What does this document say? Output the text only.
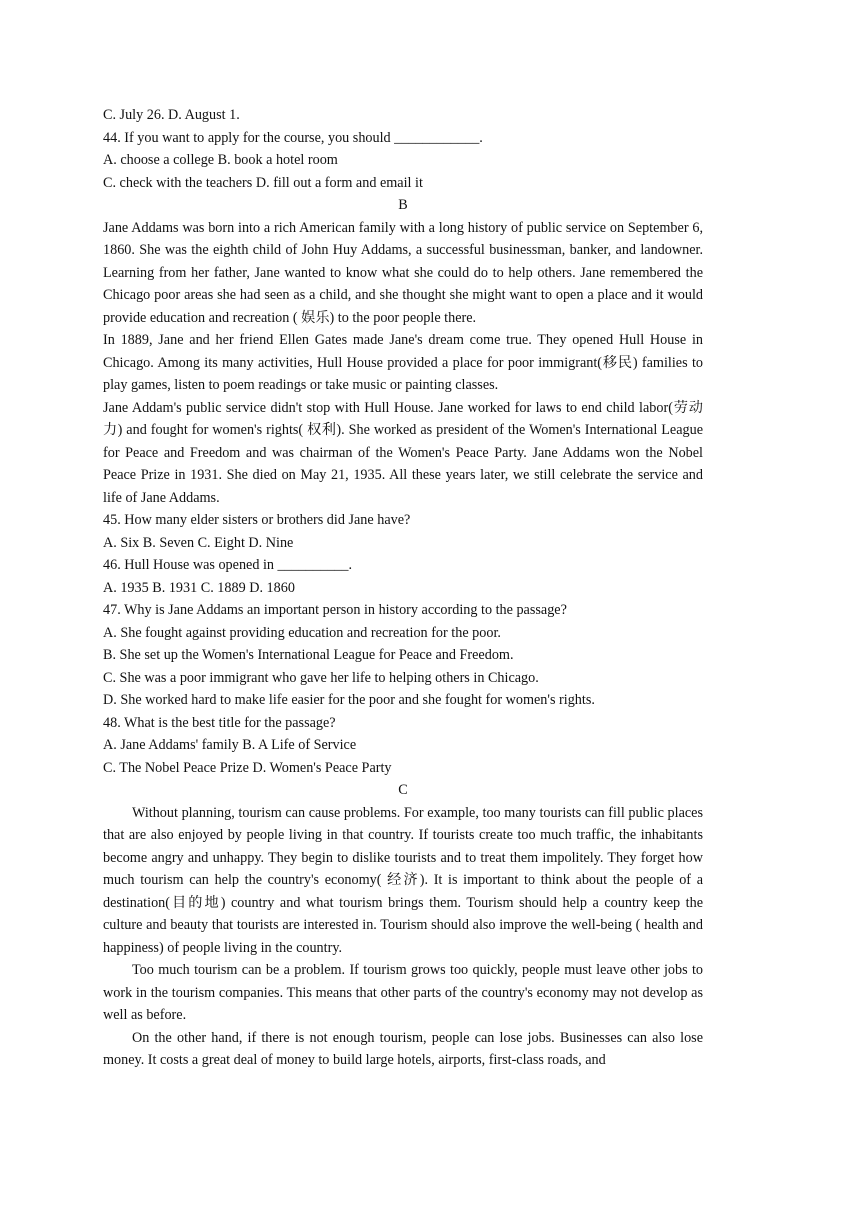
C. July 26. D. August 1.
44. If you want to apply for the course, you should ____________.
A. choose a college B. book a hotel room
C. check with the teachers D. fill out a form and email it
B
Jane Addams was born into a rich American family with a long history of public service on September 6, 1860. She was the eighth child of John Huy Addams, a successful businessman, banker, and landowner. Learning from her father, Jane wanted to know what she could do to help others. Jane remembered the Chicago poor areas she had seen as a child, and she thought she might want to open a place and it would provide education and recreation ( 娱乐) to the poor people there.
In 1889, Jane and her friend Ellen Gates made Jane's dream come true. They opened Hull House in Chicago. Among its many activities, Hull House provided a place for poor immigrant(移民) families to play games, listen to poem readings or take music or painting classes.
Jane Addam's public service didn't stop with Hull House. Jane worked for laws to end child labor(劳动力) and fought for women's rights( 权利). She worked as president of the Women's International League for Peace and Freedom and was chairman of the Women's Peace Party. Jane Addams won the Nobel Peace Prize in 1931. She died on May 21, 1935. All these years later, we still celebrate the service and life of Jane Addams.
45. How many elder sisters or brothers did Jane have?
A. Six B. Seven C. Eight D. Nine
46. Hull House was opened in __________.
A. 1935 B. 1931 C. 1889 D. 1860
47. Why is Jane Addams an important person in history according to the passage?
A. She fought against providing education and recreation for the poor.
B. She set up the Women's International League for Peace and Freedom.
C. She was a poor immigrant who gave her life to helping others in Chicago.
D. She worked hard to make life easier for the poor and she fought for women's rights.
48. What is the best title for the passage?
A. Jane Addams' family B. A Life of Service
C. The Nobel Peace Prize D. Women's Peace Party
C
Without planning, tourism can cause problems. For example, too many tourists can fill public places that are also enjoyed by people living in that country. If tourists create too much traffic, the inhabitants become angry and unhappy. They begin to dislike tourists and to treat them impolitely. They forget how much tourism can help the country's economy( 经济). It is important to think about the people of a destination(目的地) country and what tourism brings them. Tourism should help a country keep the culture and beauty that tourists are interested in. Tourism should also improve the well-being ( health and happiness) of people living in the country.
Too much tourism can be a problem. If tourism grows too quickly, people must leave other jobs to work in the tourism companies. This means that other parts of the country's economy may not develop as well as before.
On the other hand, if there is not enough tourism, people can lose jobs. Businesses can also lose money. It costs a great deal of money to build large hotels, airports, first-class roads, and
